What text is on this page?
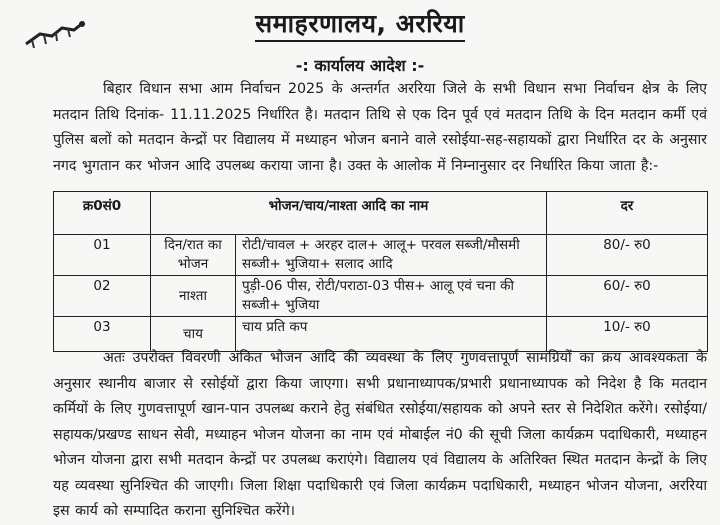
समाहरणालय, अररिया
-: कार्यालय आदेश :-

बिहार विधान सभा आम निर्वाचन 2025 के अन्तर्गत अररिया जिले के सभी विधान सभा निर्वाचन क्षेत्र के लिए मतदान तिथि दिनांक- 11.11.2025 निर्धारित है। मतदान तिथि से एक दिन पूर्व एवं मतदान तिथि के दिन मतदान कर्मी एवं पुलिस बलों को मतदान केन्द्रों पर विद्यालय में मध्याहन भोजन बनाने वाले रसोईया-सह-सहायकों द्वारा निर्धारित दर के अनुसार नगद भुगतान कर भोजन आदि उपलब्ध कराया जाना है। उक्त के आलोक में निम्नानुसार दर निर्धारित किया जाता है:-

क्र0सं0	भोजन/चाय/नाश्ता आदि का नाम		दर
01	दिन/रात का भोजन	रोटी/चावल + अरहर दाल+ आलू+ परवल सब्जी/मौसमी सब्जी+ भुजिया+ सलाद आदि	80/- रु0
02	नाश्ता	पुड़ी-06 पीस, रोटी/पराठा-03 पीस+ आलू एवं चना की सब्जी+ भुजिया	60/- रु0
03	चाय	चाय प्रति कप	10/- रु0

अतः उपरोक्त विवरणी अंकित भोजन आदि की व्यवस्था के लिए गुणवत्तापूर्ण सामग्रियों का क्रय आवश्यकता के अनुसार स्थानीय बाजार से रसोईयों द्वारा किया जाएगा। सभी प्रधानाध्यापक/प्रभारी प्रधानाध्यापक को निदेश है कि मतदान कर्मियों के लिए गुणवत्तापूर्ण खान-पान उपलब्ध कराने हेतु संबंधित रसोईया/सहायक को अपने स्तर से निदेशित करेंगे। रसोईया/सहायक/प्रखण्ड साधन सेवी, मध्याहन भोजन योजना का नाम एवं मोबाईल नं0 की सूची जिला कार्यक्रम पदाधिकारी, मध्याहन भोजन योजना द्वारा सभी मतदान केन्द्रों पर उपलब्ध कराएंगे। विद्यालय एवं विद्यालय के अतिरिक्त स्थित मतदान केन्द्रों के लिए यह व्यवस्था सुनिश्चित की जाएगी। जिला शिक्षा पदाधिकारी एवं जिला कार्यक्रम पदाधिकारी, मध्याहन भोजन योजना, अररिया इस कार्य को सम्पादित कराना सुनिश्चित करेंगे।
